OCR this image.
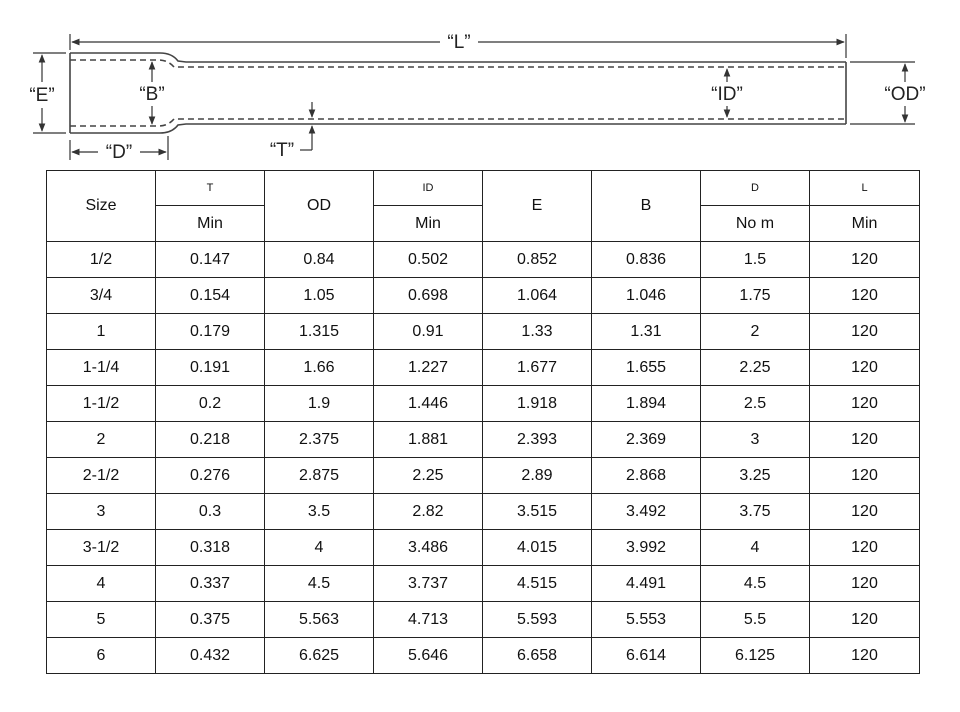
“L”
“E”	“B”	“ID”	“OD”
“D”	“T”
Size	T	OD	ID	E	B	D	L
	Min		Min			No m	Min
1/2	0.147	0.84	0.502	0.852	0.836	1.5	120
3/4	0.154	1.05	0.698	1.064	1.046	1.75	120
1	0.179	1.315	0.91	1.33	1.31	2	120
1-1/4	0.191	1.66	1.227	1.677	1.655	2.25	120
1-1/2	0.2	1.9	1.446	1.918	1.894	2.5	120
2	0.218	2.375	1.881	2.393	2.369	3	120
2-1/2	0.276	2.875	2.25	2.89	2.868	3.25	120
3	0.3	3.5	2.82	3.515	3.492	3.75	120
3-1/2	0.318	4	3.486	4.015	3.992	4	120
4	0.337	4.5	3.737	4.515	4.491	4.5	120
5	0.375	5.563	4.713	5.593	5.553	5.5	120
6	0.432	6.625	5.646	6.658	6.614	6.125	120
